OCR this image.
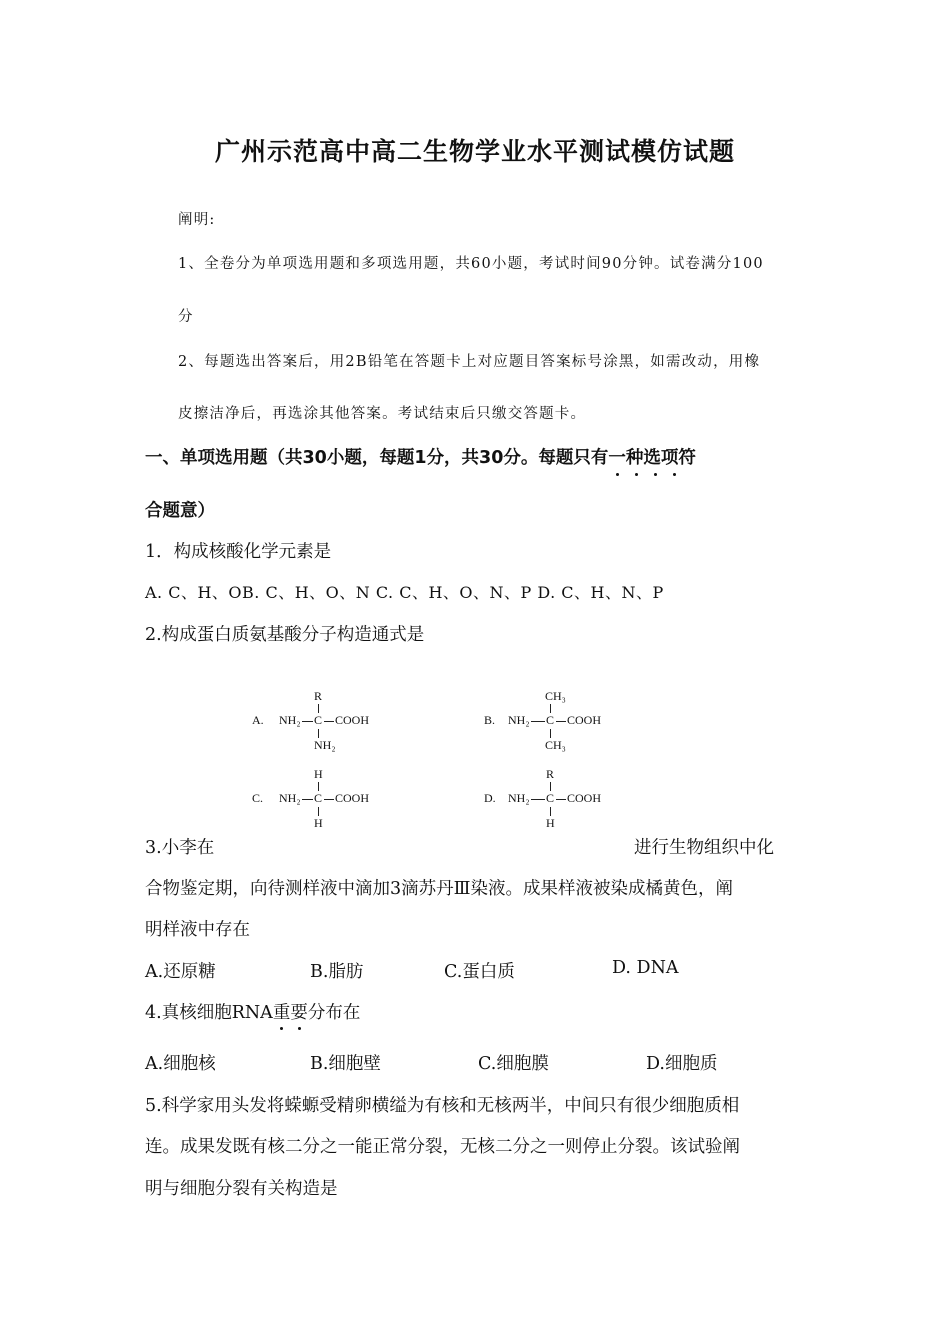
广州示范高中高二生物学业水平测试模仿试题
阐明:
1、全卷分为单项选用题和多项选用题，共60小题，考试时间90分钟。试卷满分100
分
2、每题选出答案后，用2B铅笔在答题卡上对应题目答案标号涂黑，如需改动，用橡
皮擦洁净后，再选涂其他答案。考试结束后只缴交答题卡。
一、单项选用题（共30小题，每题1分，共30分。每题只有一种选项
符
合题意）
1．构成核酸化学元素是
A. C、H、OB. C、H、O、N C. C、H、O、N、P D. C、H、N、P
2.构成蛋白质氨基酸分子构造通式是
A.
R
NH₂ C COOH
NH₂
B.
CH₃
NH₂ C COOH
CH₃
C.
H
NH₂ C COOH
H
D.
R
NH₂ C COOH
H
3.小李在	进行生物组织中化
合物鉴定期，向待测样液中滴加3滴苏丹Ⅲ染液。成果样液被染成橘黄色，阐
明样液中存在
A.还原糖	B.脂肪	C.蛋白质	D. DNA
4.真核细胞RNA重要
分布在
A.细胞核	B.细胞壁	C.细胞膜	D.细胞质
5.科学家用头发将蝾螈受精卵横缢为有核和无核两半，中间只有很少细胞质相
连。成果发既有核二分之一能正常分裂，无核二分之一则停止分裂。该试验阐
明与细胞分裂有关构造是
